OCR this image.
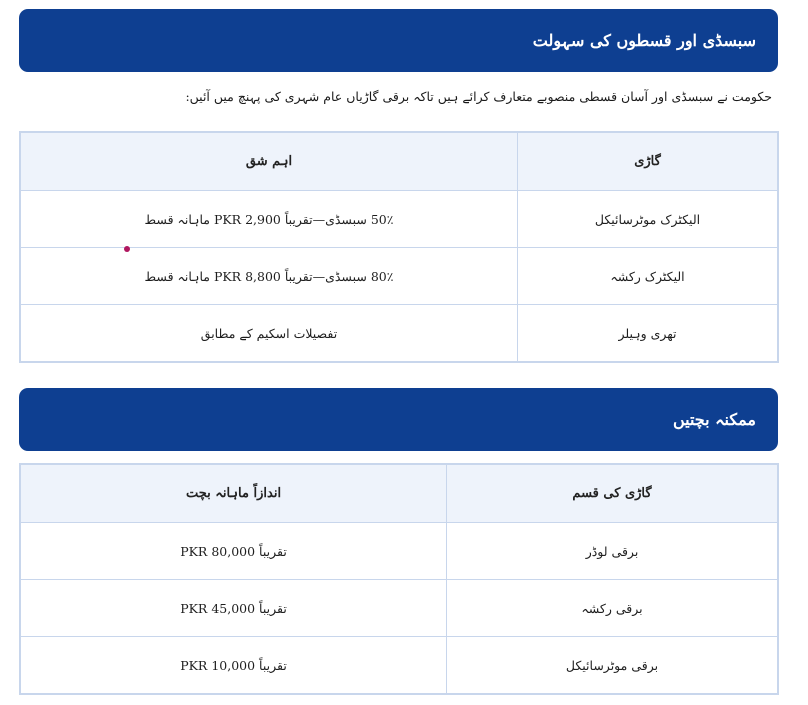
سبسڈی اور قسطوں کی سہولت
حکومت نے سبسڈی اور آسان قسطی منصوبے متعارف کرائے ہیں تاکہ برقی گاڑیاں عام شہری کی پہنچ میں آئیں:
گاڑی	اہم شق
الیکٹرک موٹرسائیکل	50٪ سبسڈی—تقریباً PKR 2,900 ماہانہ قسط
الیکٹرک رکشہ	80٪ سبسڈی—تقریباً PKR 8,800 ماہانہ قسط
تھری وہیلر	تفصیلات اسکیم کے مطابق
ممکنہ بچتیں
گاڑی کی قسم	اندازاً ماہانہ بچت
برقی لوڈر	تقریباً PKR 80,000
برقی رکشہ	تقریباً PKR 45,000
برقی موٹرسائیکل	تقریباً PKR 10,000
